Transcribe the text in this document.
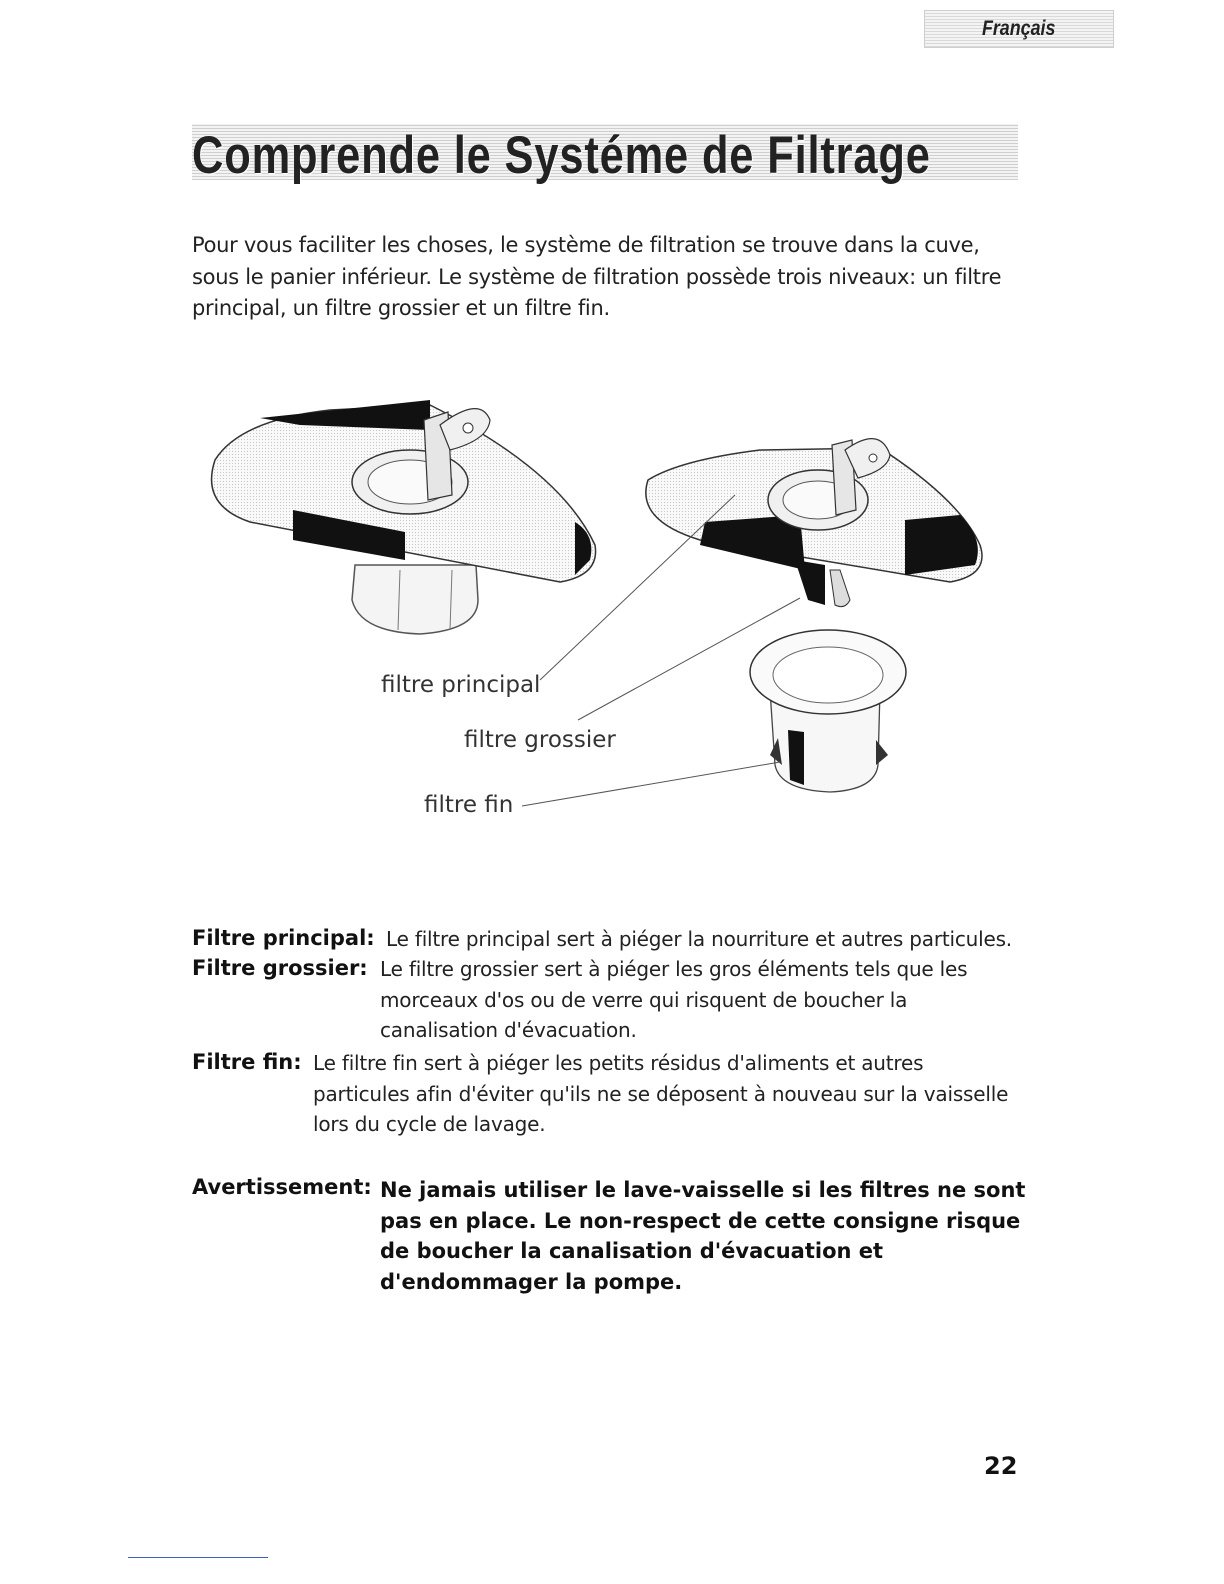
Français
Comprende le Systéme de Filtrage
Pour vous faciliter les choses, le système de filtration se trouve dans la cuve, sous le panier inférieur. Le système de filtration possède trois niveaux: un filtre principal, un filtre grossier et un filtre fin.
filtre principal
filtre grossier
filtre fin
Filtre principal: Le filtre principal sert à piéger la nourriture et autres particules.
Filtre grossier: Le filtre grossier sert à piéger les gros éléments tels que les morceaux d'os ou de verre qui risquent de boucher la canalisation d'évacuation.
Filtre fin: Le filtre fin sert à piéger les petits résidus d'aliments et autres particules afin d'éviter qu'ils ne se déposent à nouveau sur la vaisselle lors du cycle de lavage.
Avertissement: Ne jamais utiliser le lave-vaisselle si les filtres ne sont pas en place. Le non-respect de cette consigne risque de boucher la canalisation d'évacuation et d'endommager la pompe.
22
